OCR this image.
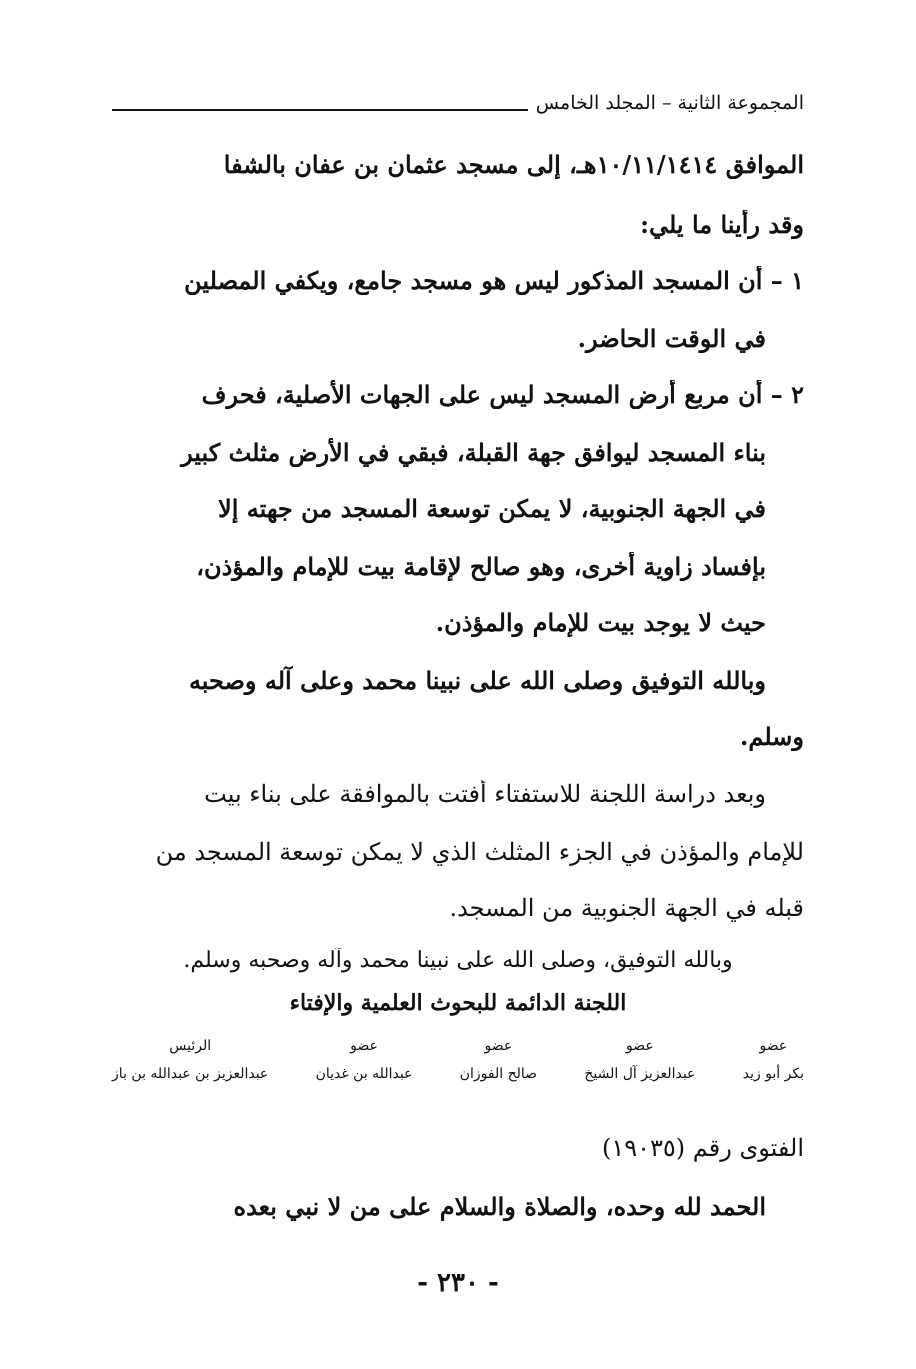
المجموعة الثانية – المجلد الخامس
الموافق ١٠/١١/١٤١٤هـ، إلى مسجد عثمان بن عفان بالشفا
وقد رأينا ما يلي:
١ – أن المسجد المذكور ليس هو مسجد جامع، ويكفي المصلين
في الوقت الحاضر.
٢ – أن مربع أرض المسجد ليس على الجهات الأصلية، فحرف
بناء المسجد ليوافق جهة القبلة، فبقي في الأرض مثلث كبير
في الجهة الجنوبية، لا يمكن توسعة المسجد من جهته إلا
بإفساد زاوية أخرى، وهو صالح لإقامة بيت للإمام والمؤذن،
حيث لا يوجد بيت للإمام والمؤذن.
وبالله التوفيق وصلى الله على نبينا محمد وعلى آله وصحبه
وسلم.
وبعد دراسة اللجنة للاستفتاء أفتت بالموافقة على بناء بيت
للإمام والمؤذن في الجزء المثلث الذي لا يمكن توسعة المسجد من
قبله في الجهة الجنوبية من المسجد.
وبالله التوفيق، وصلى الله على نبينا محمد وآله وصحبه وسلم.
اللجنة الدائمة للبحوث العلمية والإفتاء
عضو
بكر أبو زيد
عضو
عبدالعزيز آل الشيخ
عضو
صالح الفوزان
عضو
عبدالله بن غديان
الرئيس
عبدالعزيز بن عبدالله بن باز
الفتوى رقم (١٩٠٣٥)
الحمد لله وحده، والصلاة والسلام على من لا نبي بعده
- ٢٣٠ -
